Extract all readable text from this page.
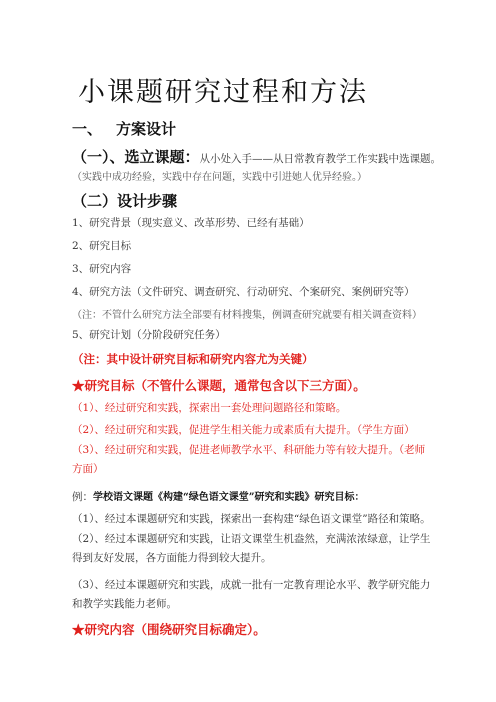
小课题研究过程和方法
一、 方案设计
（一）、选立课题：从小处入手——从日常教育教学工作实践中选课题。
（实践中成功经验，实践中存在问题，实践中引进她人优异经验。）
（二）设计步骤
1、研究背景（现实意义、改革形势、已经有基础）
2、研究目标
3、研究内容
4、研究方法（文件研究、调查研究、行动研究、个案研究、案例研究等）
（注：不管什么研究方法全部要有材料搜集，例调查研究就要有相关调查资料）
5、研究计划（分阶段研究任务）
（注：其中设计研究目标和研究内容尤为关键）
★研究目标（不管什么课题，通常包含以下三方面）。
（1）、经过研究和实践，探索出一套处理问题路径和策略。
（2）、经过研究和实践，促进学生相关能力或素质有大提升。（学生方面）
（3）、经过研究和实践，促进老师教学水平、科研能力等有较大提升。（老师方面）
例：学校语文课题《构建“绿色语文课堂”研究和实践》研究目标：
（1）、经过本课题研究和实践，探索出一套构建“绿色语文课堂”路径和策略。
（2）、经过本课题研究和实践，让语文课堂生机盎然，充满浓浓绿意，让学生得到友好发展，各方面能力得到较大提升。
（3）、经过本课题研究和实践，成就一批有一定教育理论水平、教学研究能力和教学实践能力老师。
★研究内容（围绕研究目标确定）。
